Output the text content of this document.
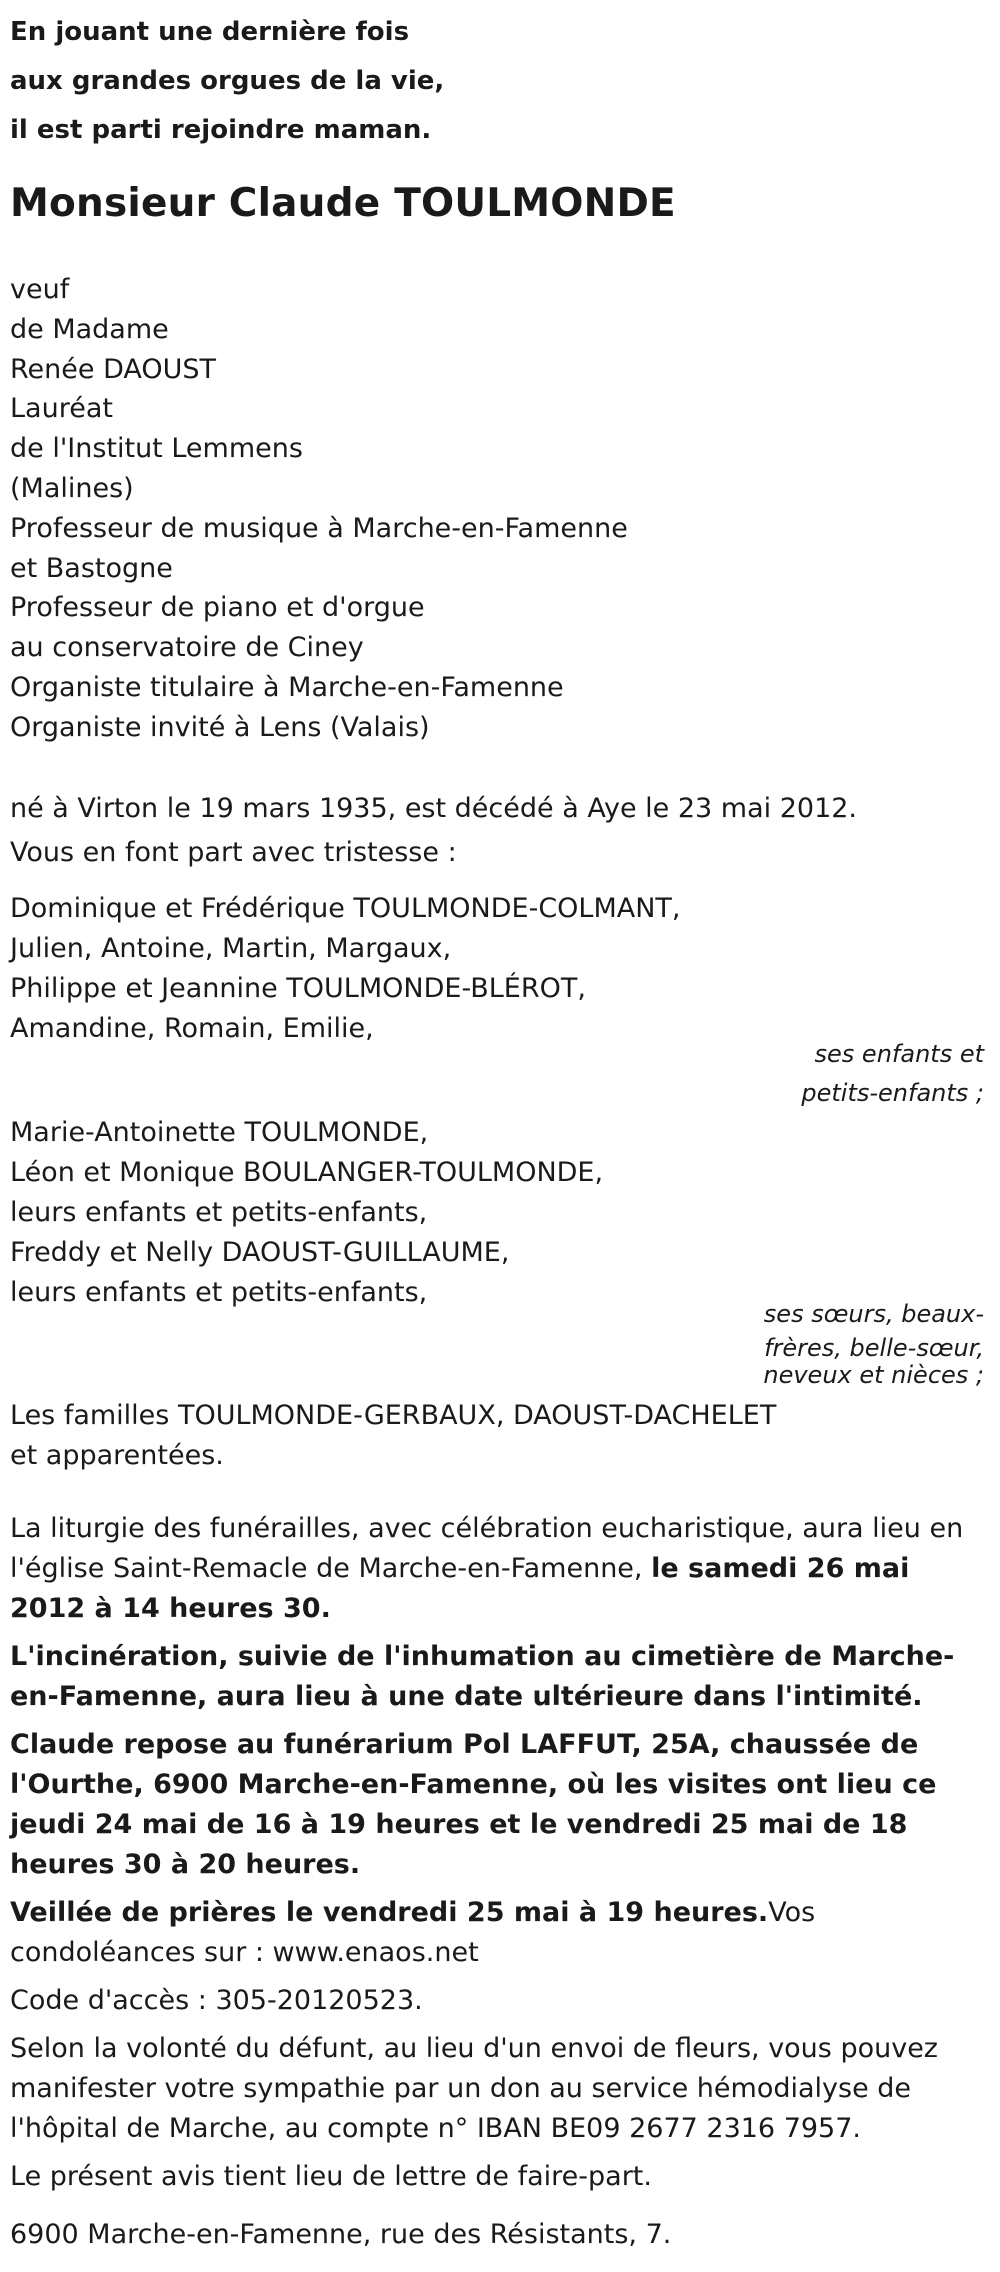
En jouant une dernière fois
aux grandes orgues de la vie,
il est parti rejoindre maman.
Monsieur Claude TOULMONDE
veuf
de Madame
Renée DAOUST
Lauréat
de l'Institut Lemmens
(Malines)
Professeur de musique à Marche-en-Famenne
et Bastogne
Professeur de piano et d'orgue
au conservatoire de Ciney
Organiste titulaire à Marche-en-Famenne
Organiste invité à Lens (Valais)
né à Virton le 19 mars 1935, est décédé à Aye le 23 mai 2012.
Vous en font part avec tristesse :
Dominique et Frédérique TOULMONDE-COLMANT,
Julien, Antoine, Martin, Margaux,
Philippe et Jeannine TOULMONDE-BLÉROT,
Amandine, Romain, Emilie,
ses enfants et
petits-enfants ;
Marie-Antoinette TOULMONDE,
Léon et Monique BOULANGER-TOULMONDE,
leurs enfants et petits-enfants,
Freddy et Nelly DAOUST-GUILLAUME,
leurs enfants et petits-enfants,
ses sœurs, beaux-
frères, belle-sœur,
neveux et nièces ;
Les familles TOULMONDE-GERBAUX, DAOUST-DACHELET
et apparentées.

La liturgie des funérailles, avec célébration eucharistique, aura lieu en l'église Saint-Remacle de Marche-en-Famenne, le samedi 26 mai 2012 à 14 heures 30.

L'incinération, suivie de l'inhumation au cimetière de Marche-en-Famenne, aura lieu à une date ultérieure dans l'intimité.

Claude repose au funérarium Pol LAFFUT, 25A, chaussée de l'Ourthe, 6900 Marche-en-Famenne, où les visites ont lieu ce jeudi 24 mai de 16 à 19 heures et le vendredi 25 mai de 18 heures 30 à 20 heures.

Veillée de prières le vendredi 25 mai à 19 heures.Vos condoléances sur : www.enaos.net

Code d'accès : 305-20120523.

Selon la volonté du défunt, au lieu d'un envoi de fleurs, vous pouvez manifester votre sympathie par un don au service hémodialyse de l'hôpital de Marche, au compte n° IBAN BE09 2677 2316 7957.

Le présent avis tient lieu de lettre de faire-part.

6900 Marche-en-Famenne, rue des Résistants, 7.
